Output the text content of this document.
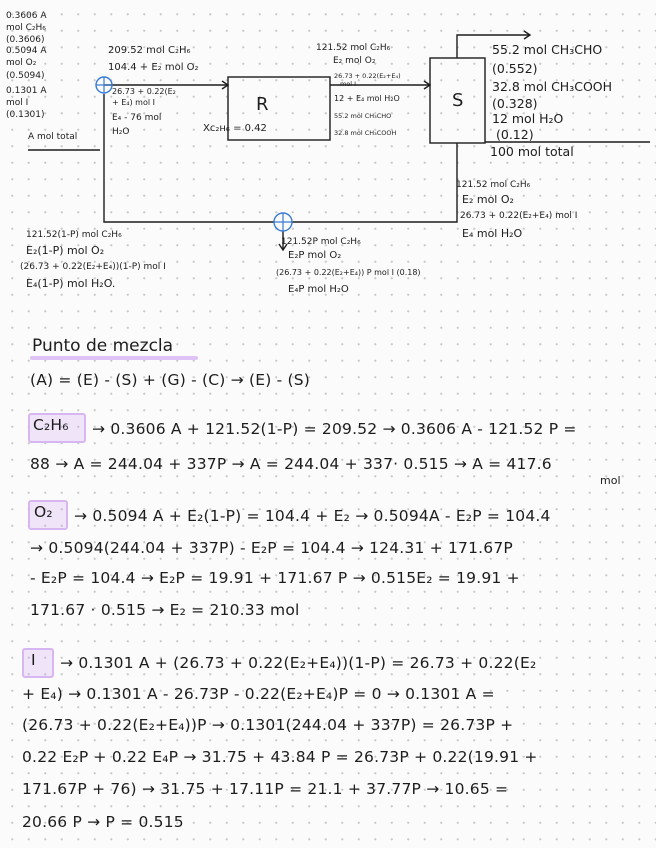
0.3606 A
mol C₂H₆
(0.3606)
0.5094 A
mol O₂
(0.5094)
0.1301 A
mol I
(0.1301)
A mol total
209.52 mol C₂H₆
104.4 + E₂ mol O₂
26.73 + 0.22(E₂
+ E₄) mol I
E₄ - 76 mol
H₂O
R
Xᴄ₂ʜ₆ = 0.42
121.52 mol C₂H₆
E₂ mol O₂
26.73 + 0.22(E₂+E₄)
mol I
12 + E₄ mol H₂O
55.2 mol CH₃CHO
32.8 mol CH₃COOH
S
55.2 mol CH₃CHO
(0.552)
32.8 mol CH₃COOH
(0.328)
12 mol H₂O
(0.12)
100 mol total
121.52 mol C₂H₆
E₂ mol O₂
26.73 + 0.22(E₂+E₄) mol I
E₄ mol H₂O
121.52(1-P) mol C₂H₆
E₂(1-P) mol O₂
(26.73 + 0.22(E₂+E₄))(1-P) mol I
E₄(1-P) mol H₂O.
121.52P mol C₂H₆
E₂P mol O₂
(26.73 + 0.22(E₂+E₄)) P mol I (0.18)
E₄P mol H₂O
Punto de mezcla
(A) = (E) - (S) + (G) - (C) → (E) - (S)
C₂H₆ → 0.3606 A + 121.52(1-P) = 209.52 → 0.3606 A - 121.52 P =
88 → A = 244.04 + 337P → A = 244.04 + 337· 0.515 → A = 417.6
mol
O₂ → 0.5094 A + E₂(1-P) = 104.4 + E₂ → 0.5094A - E₂P = 104.4
→ 0.5094(244.04 + 337P) - E₂P = 104.4 → 124.31 + 171.67P
- E₂P = 104.4 → E₂P = 19.91 + 171.67 P → 0.515E₂ = 19.91 +
171.67 · 0.515 → E₂ = 210.33 mol
I → 0.1301 A + (26.73 + 0.22(E₂+E₄))(1-P) = 26.73 + 0.22(E₂
+ E₄) → 0.1301 A - 26.73P - 0.22(E₂+E₄)P = 0 → 0.1301 A =
(26.73 + 0.22(E₂+E₄))P → 0.1301(244.04 + 337P) = 26.73P +
0.22 E₂P + 0.22 E₄P → 31.75 + 43.84 P = 26.73P + 0.22(19.91 +
171.67P + 76) → 31.75 + 17.11P = 21.1 + 37.77P → 10.65 =
20.66 P → P = 0.515
